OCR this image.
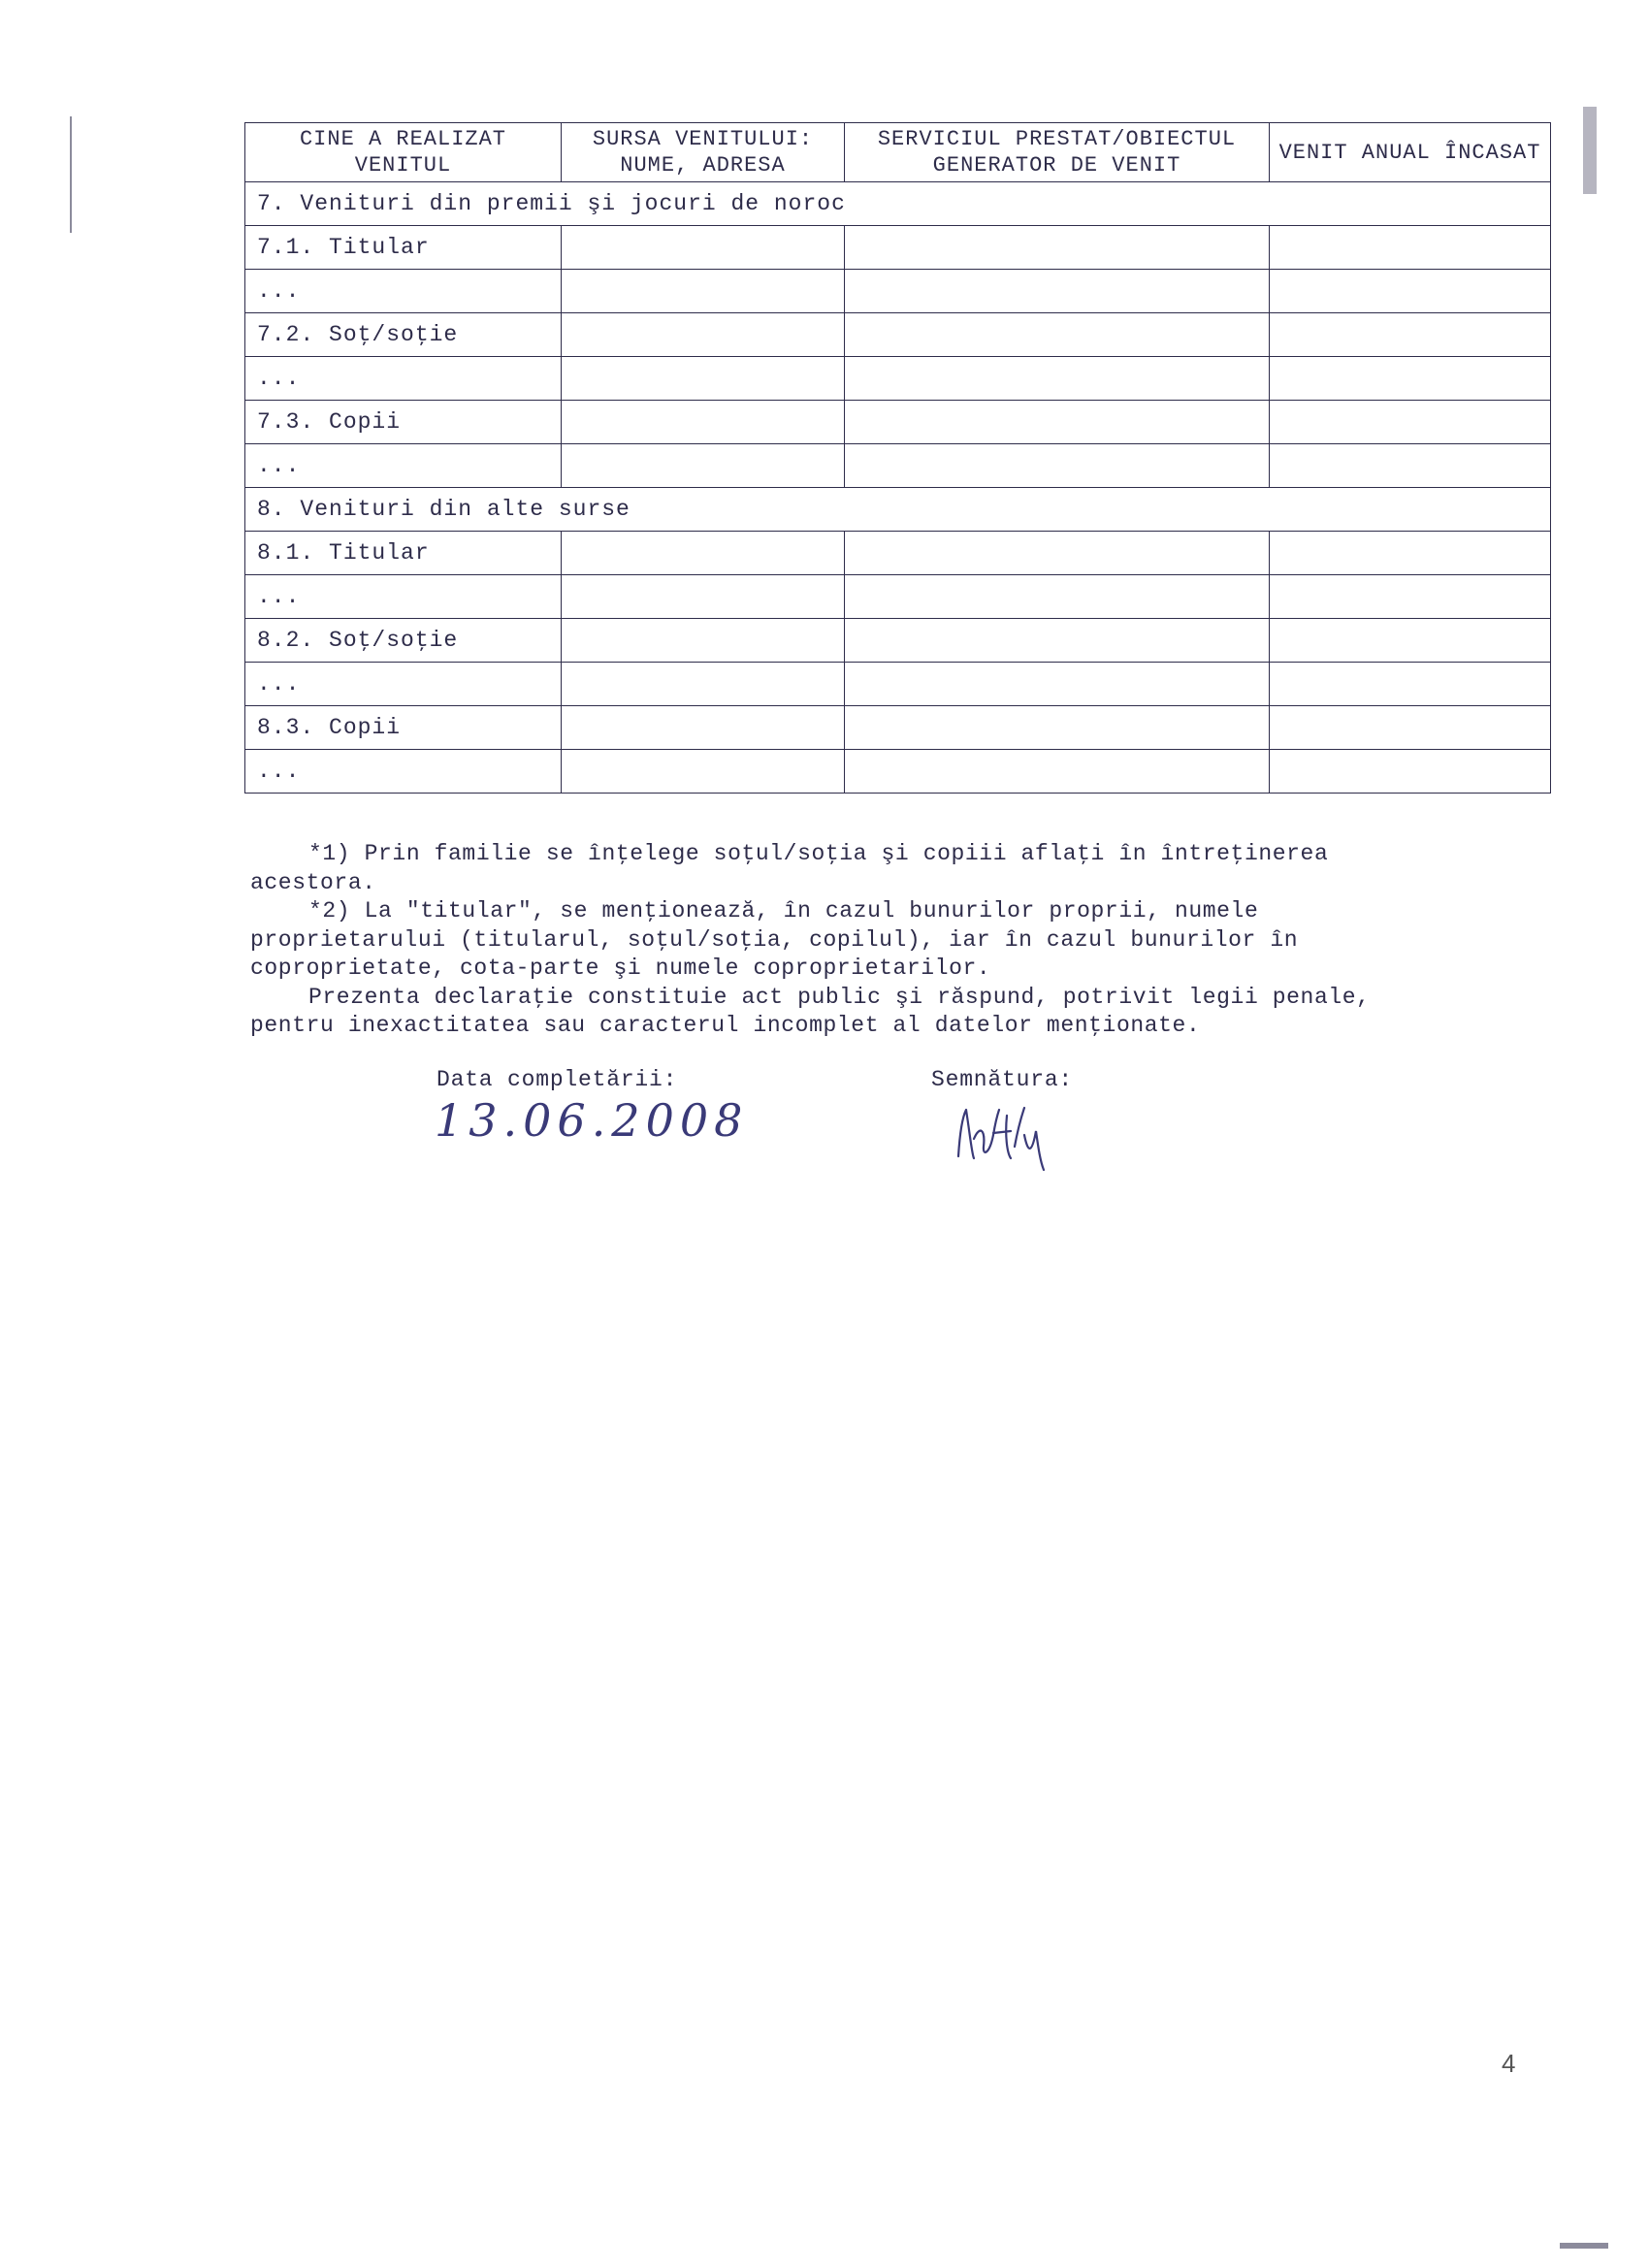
CINE A REALIZAT VENITUL	SURSA VENITULUI: NUME, ADRESA	SERVICIUL PRESTAT/OBIECTUL GENERATOR DE VENIT	VENIT ANUAL ÎNCASAT
7. Venituri din premii şi jocuri de noroc			
7.1. Titular			
...			
7.2. Soţ/soţie			
...			
7.3. Copii			
...			
8. Venituri din alte surse			
8.1. Titular			
...			
8.2. Soţ/soţie			
...			
8.3. Copii			
...			

*1) Prin familie se înţelege soţul/soţia şi copiii aflaţi în întreţinerea acestora.

*2) La "titular", se menţionează, în cazul bunurilor proprii, numele proprietarului (titularul, soţul/soţia, copilul), iar în cazul bunurilor în coproprietate, cota-parte şi numele coproprietarilor.

Prezenta declaraţie constituie act public şi răspund, potrivit legii penale, pentru inexactitatea sau caracterul incomplet al datelor menţionate.

Data completării:
13.06.2008
Semnătura:
4
